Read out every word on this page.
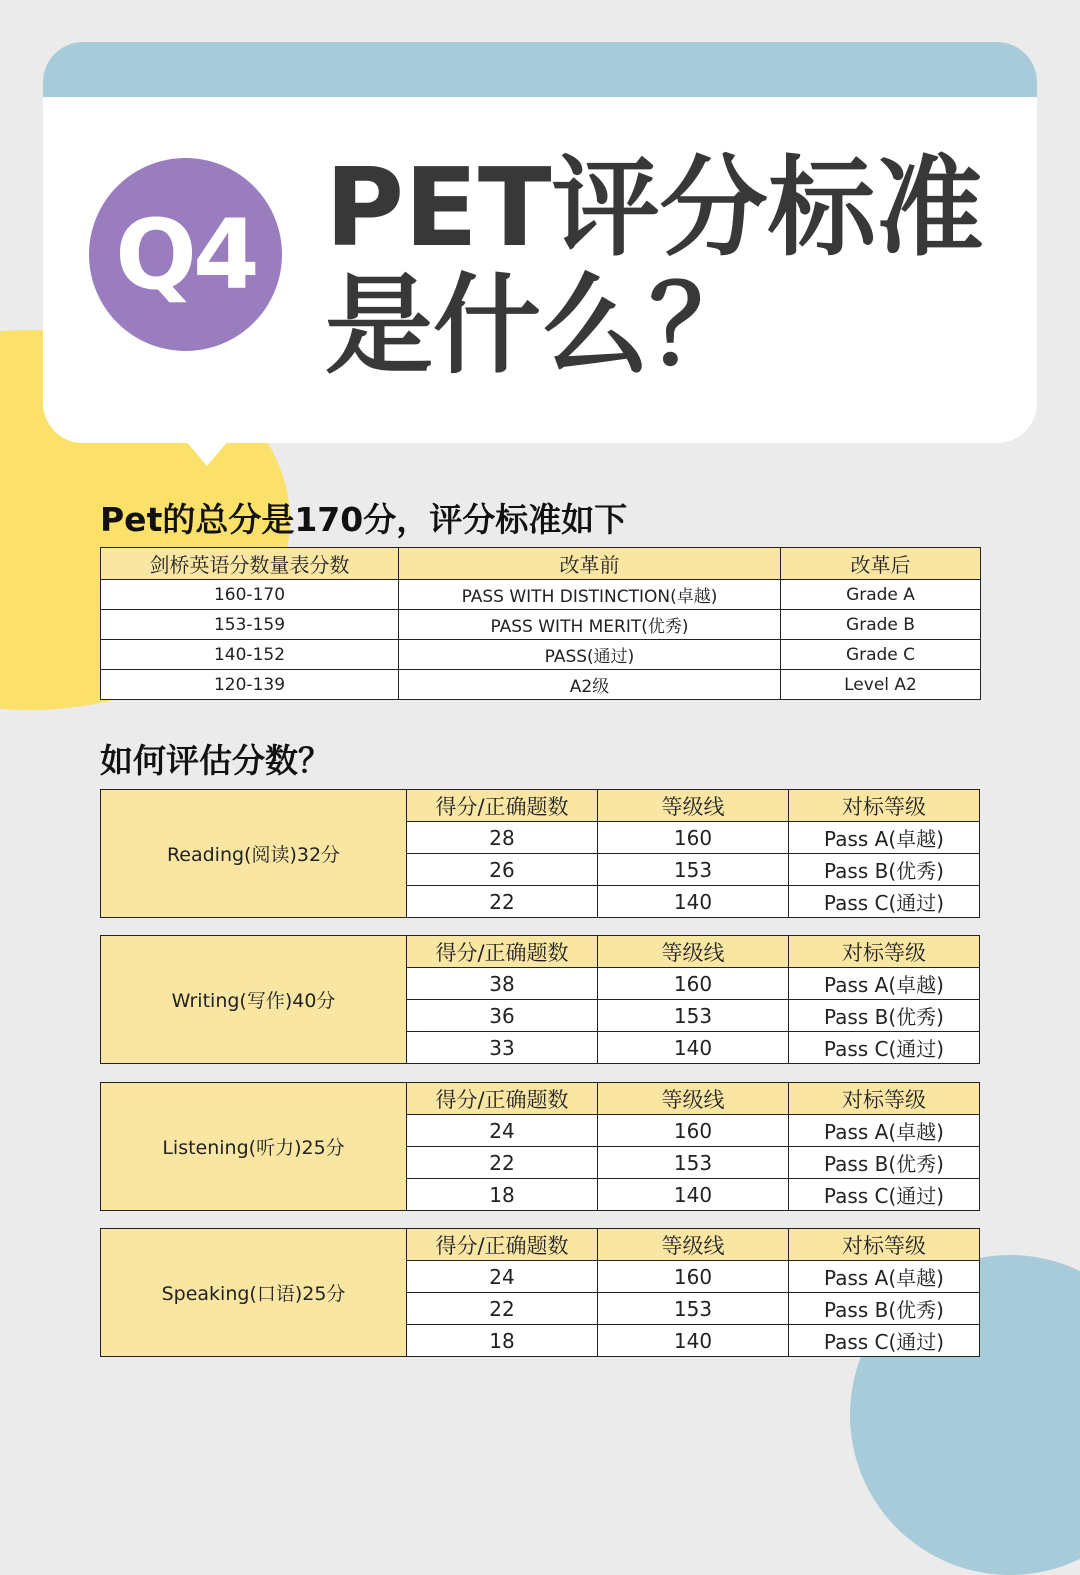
Q4 PET评分标准
是什么？
Pet的总分是170分，评分标准如下
剑桥英语分数量表分数	改革前	改革后
160-170	PASS WITH DISTINCTION(卓越)	Grade A
153-159	PASS WITH MERIT(优秀)	Grade B
140-152	PASS(通过)	Grade C
120-139	A2级	Level A2
如何评估分数？
Reading(阅读)32分	得分/正确题数	等级线	对标等级
	28	160	Pass A(卓越)
	26	153	Pass B(优秀)
	22	140	Pass C(通过)
Writing(写作)40分	得分/正确题数	等级线	对标等级
	38	160	Pass A(卓越)
	36	153	Pass B(优秀)
	33	140	Pass C(通过)
Listening(听力)25分	得分/正确题数	等级线	对标等级
	24	160	Pass A(卓越)
	22	153	Pass B(优秀)
	18	140	Pass C(通过)
Speaking(口语)25分	得分/正确题数	等级线	对标等级
	24	160	Pass A(卓越)
	22	153	Pass B(优秀)
	18	140	Pass C(通过)
